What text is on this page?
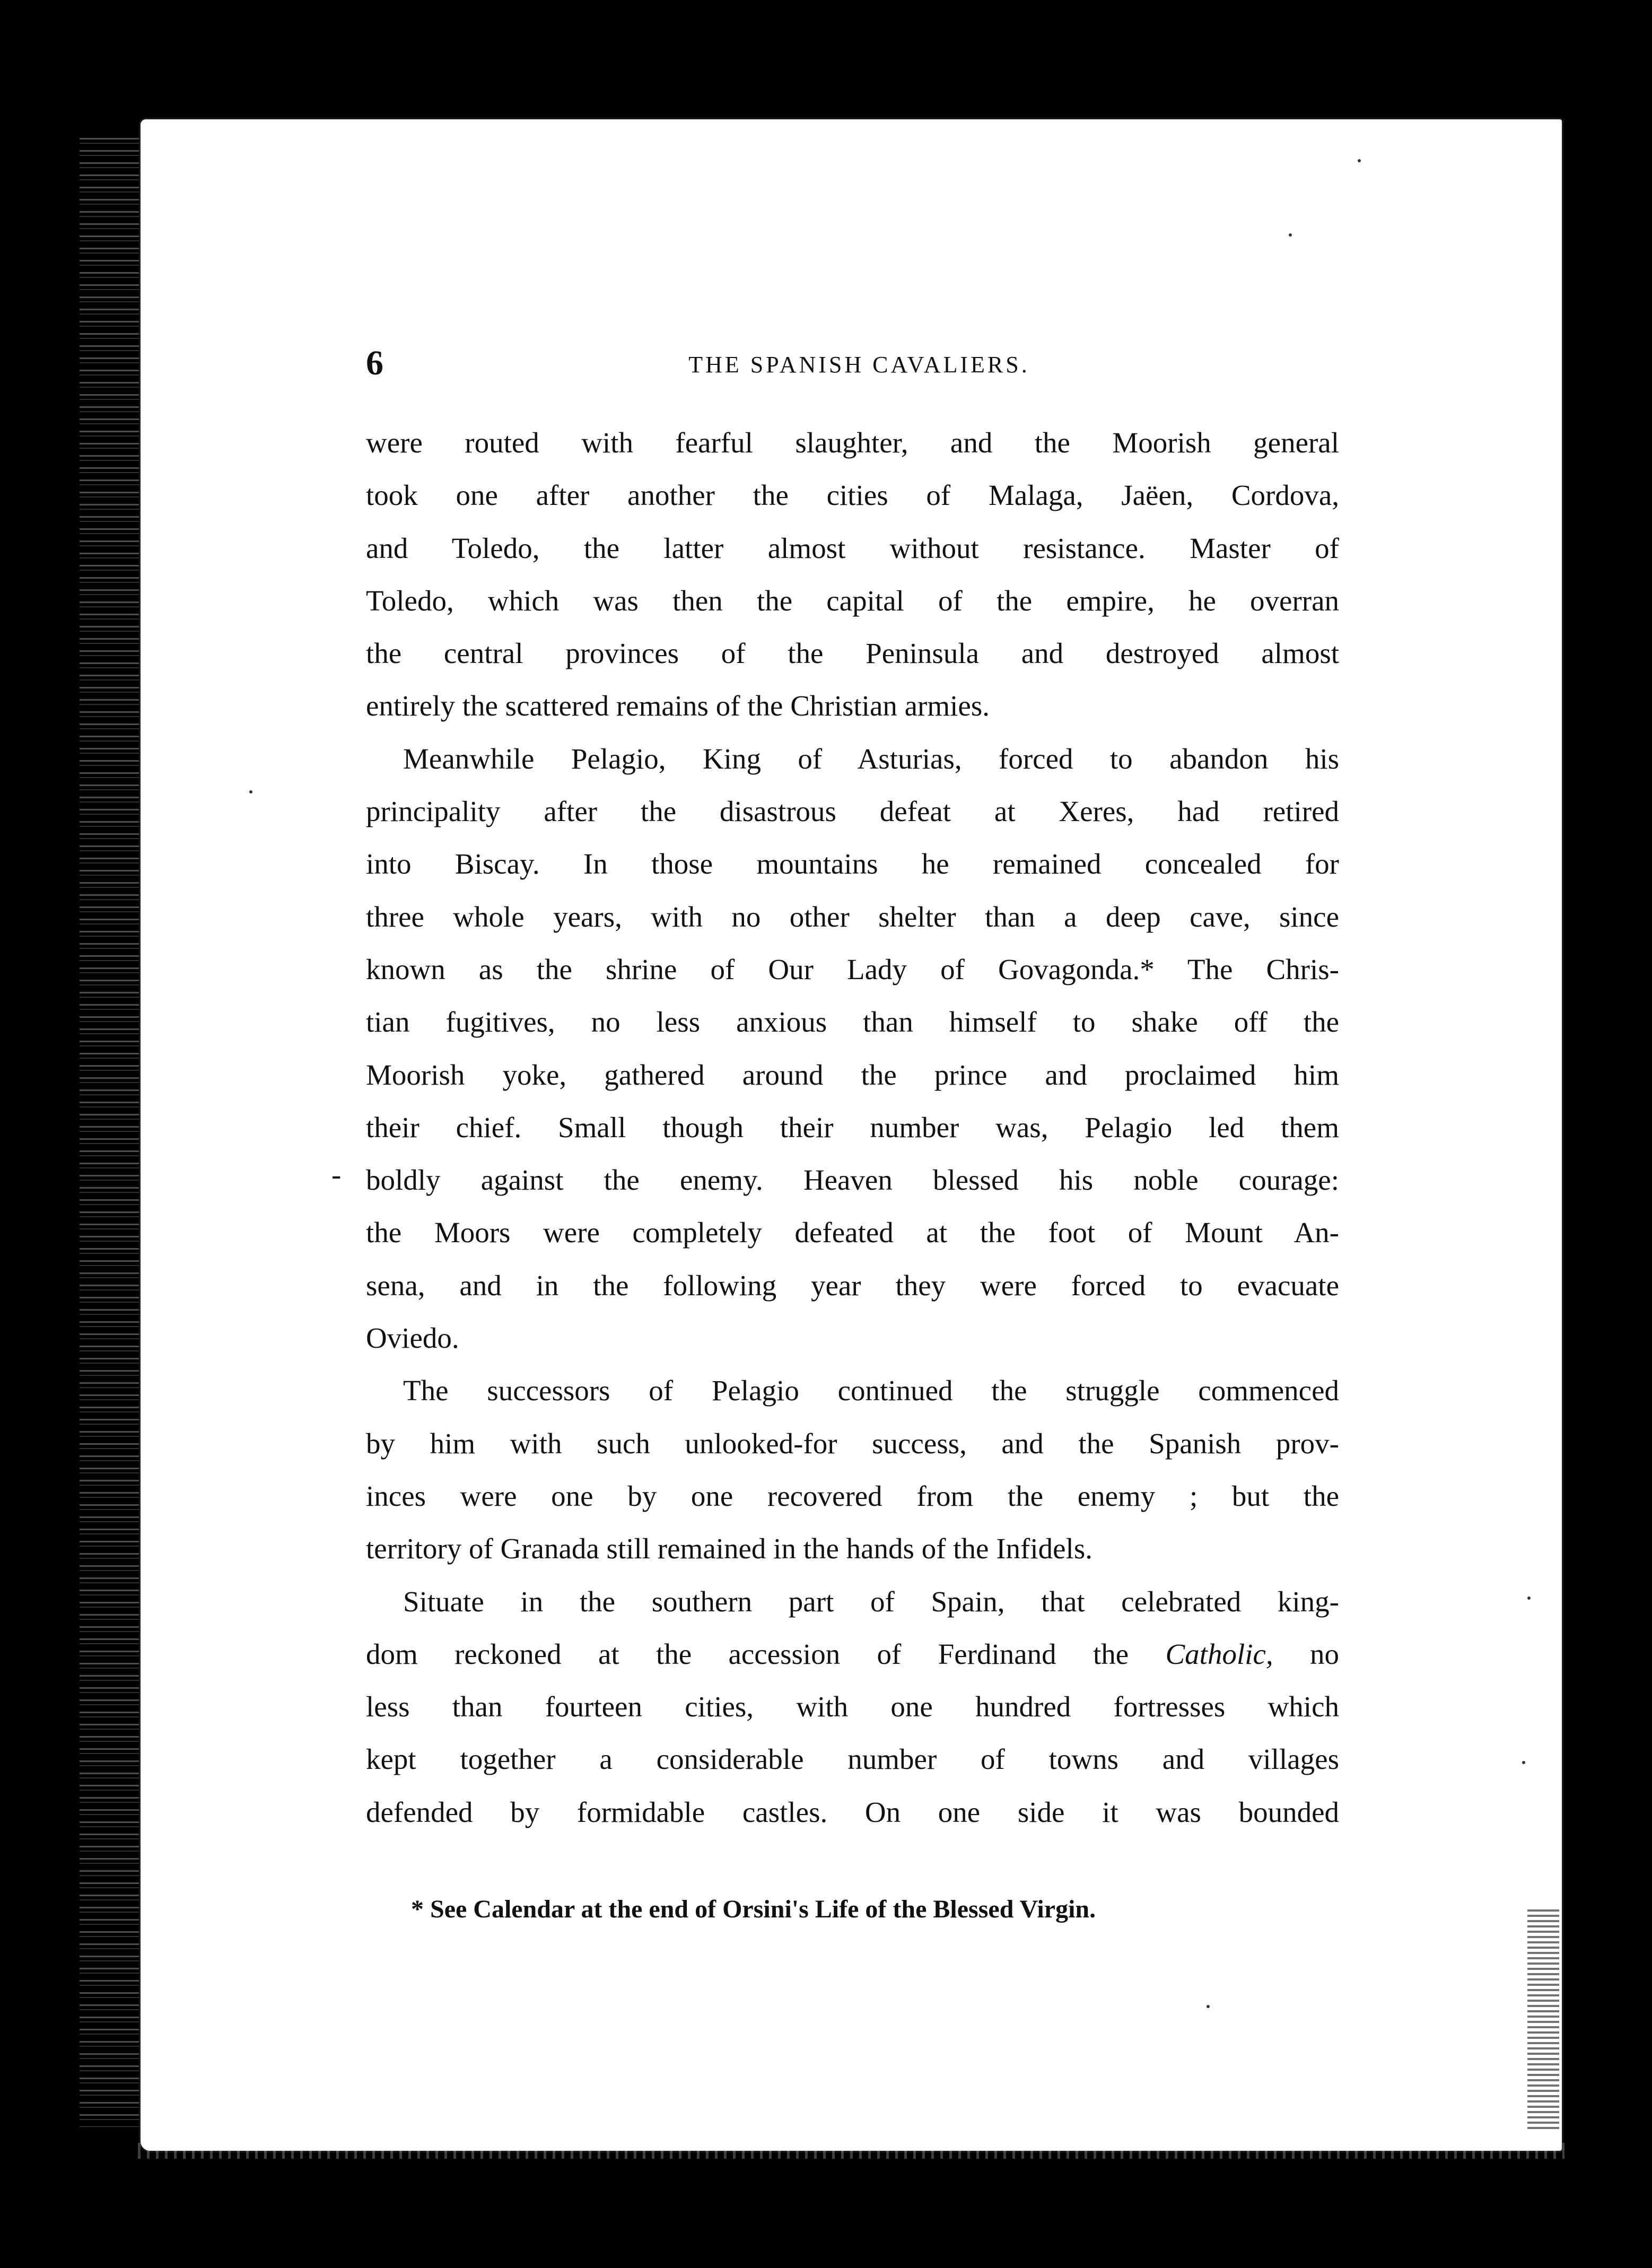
6	THE SPANISH CAVALIERS.
-
were routed with fearful slaughter, and the Moorish general
took one after another the cities of Malaga, Jaëen, Cordova,
and Toledo, the latter almost without resistance. Master of
Toledo, which was then the capital of the empire, he overran
the central provinces of the Peninsula and destroyed almost
entirely the scattered remains of the Christian armies.
Meanwhile Pelagio, King of Asturias, forced to abandon his
principality after the disastrous defeat at Xeres, had retired
into Biscay. In those mountains he remained concealed for
three whole years, with no other shelter than a deep cave, since
known as the shrine of Our Lady of Govagonda.* The Chris-
tian fugitives, no less anxious than himself to shake off the
Moorish yoke, gathered around the prince and proclaimed him
their chief. Small though their number was, Pelagio led them
boldly against the enemy. Heaven blessed his noble courage:
the Moors were completely defeated at the foot of Mount An-
sena, and in the following year they were forced to evacuate
Oviedo.
The successors of Pelagio continued the struggle commenced
by him with such unlooked-for success, and the Spanish prov-
inces were one by one recovered from the enemy ; but the
territory of Granada still remained in the hands of the Infidels.
Situate in the southern part of Spain, that celebrated king-
dom reckoned at the accession of Ferdinand the Catholic, no
less than fourteen cities, with one hundred fortresses which
kept together a considerable number of towns and villages
defended by formidable castles. On one side it was bounded
* See Calendar at the end of Orsini's Life of the Blessed Virgin.
